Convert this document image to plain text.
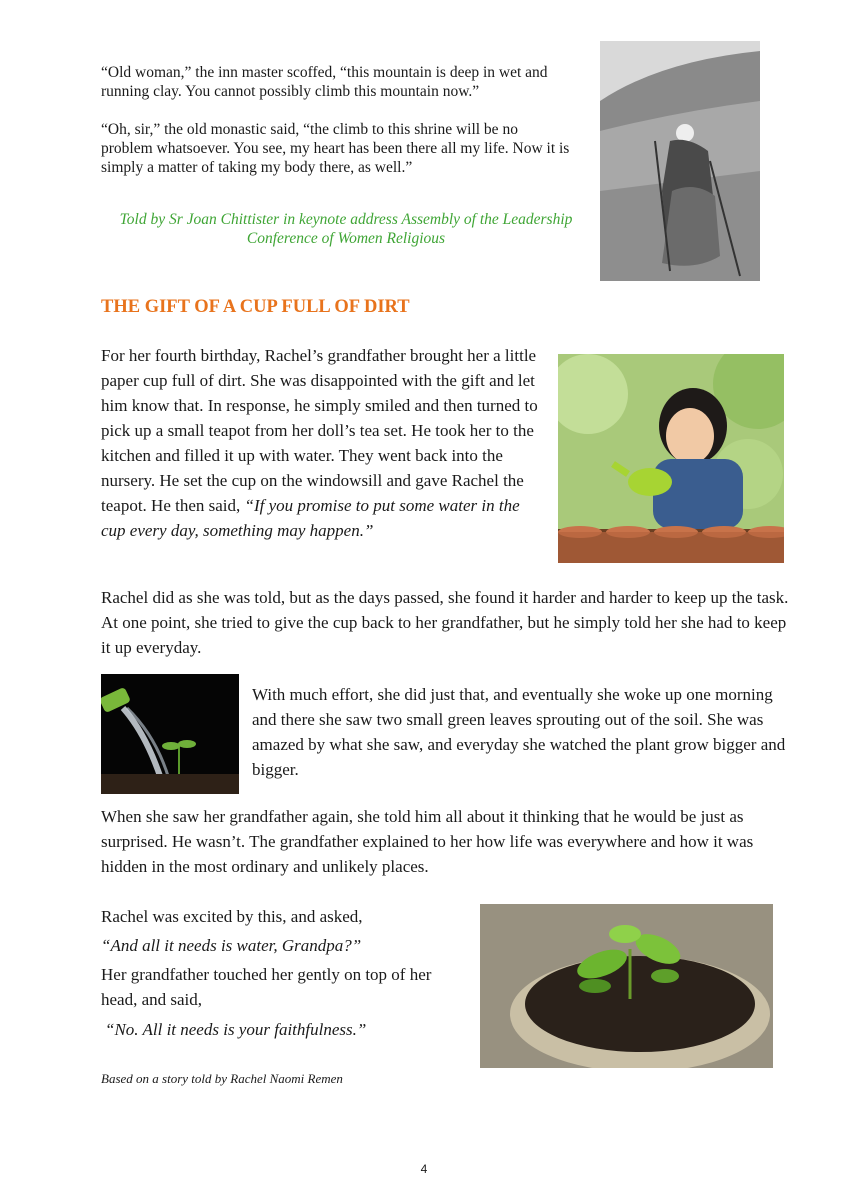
“Old woman,” the inn master scoffed, “this mountain is deep in wet and running clay. You cannot possibly climb this mountain now.”
“Oh, sir,” the old monastic said, “the climb to this shrine will be no problem whatsoever. You see, my heart has been there all my life. Now it is simply a matter of taking my body there, as well.”
Told by Sr Joan Chittister in keynote address Assembly of the Leadership
Conference of Women Religious
THE GIFT OF A CUP FULL OF DIRT
For her fourth birthday, Rachel’s grandfather brought her a little paper cup full of dirt. She was disappointed with the gift and let him know that. In response, he simply smiled and then turned to pick up a small teapot from her doll’s tea set. He took her to the kitchen and filled it up with water. They went back into the nursery. He set the cup on the windowsill and gave Rachel the teapot. He then said, “If you promise to put some water in the cup every day, something may happen.”
Rachel did as she was told, but as the days passed, she found it harder and harder to keep up the task. At one point, she tried to give the cup back to her grandfather, but he simply told her she had to keep it up everyday.
With much effort, she did just that, and eventually she woke up one morning and there she saw two small green leaves sprouting out of the soil. She was amazed by what she saw, and everyday she watched the plant grow bigger and bigger.
When she saw her grandfather again, she told him all about it thinking that he would be just as surprised. He wasn’t. The grandfather explained to her how life was everywhere and how it was hidden in the most ordinary and unlikely places.
Rachel was excited by this, and asked,
“And all it needs is water, Grandpa?”
Her grandfather touched her gently on top of her head, and said,
“No. All it needs is your faithfulness.”
Based on a story told by Rachel Naomi Remen
4
